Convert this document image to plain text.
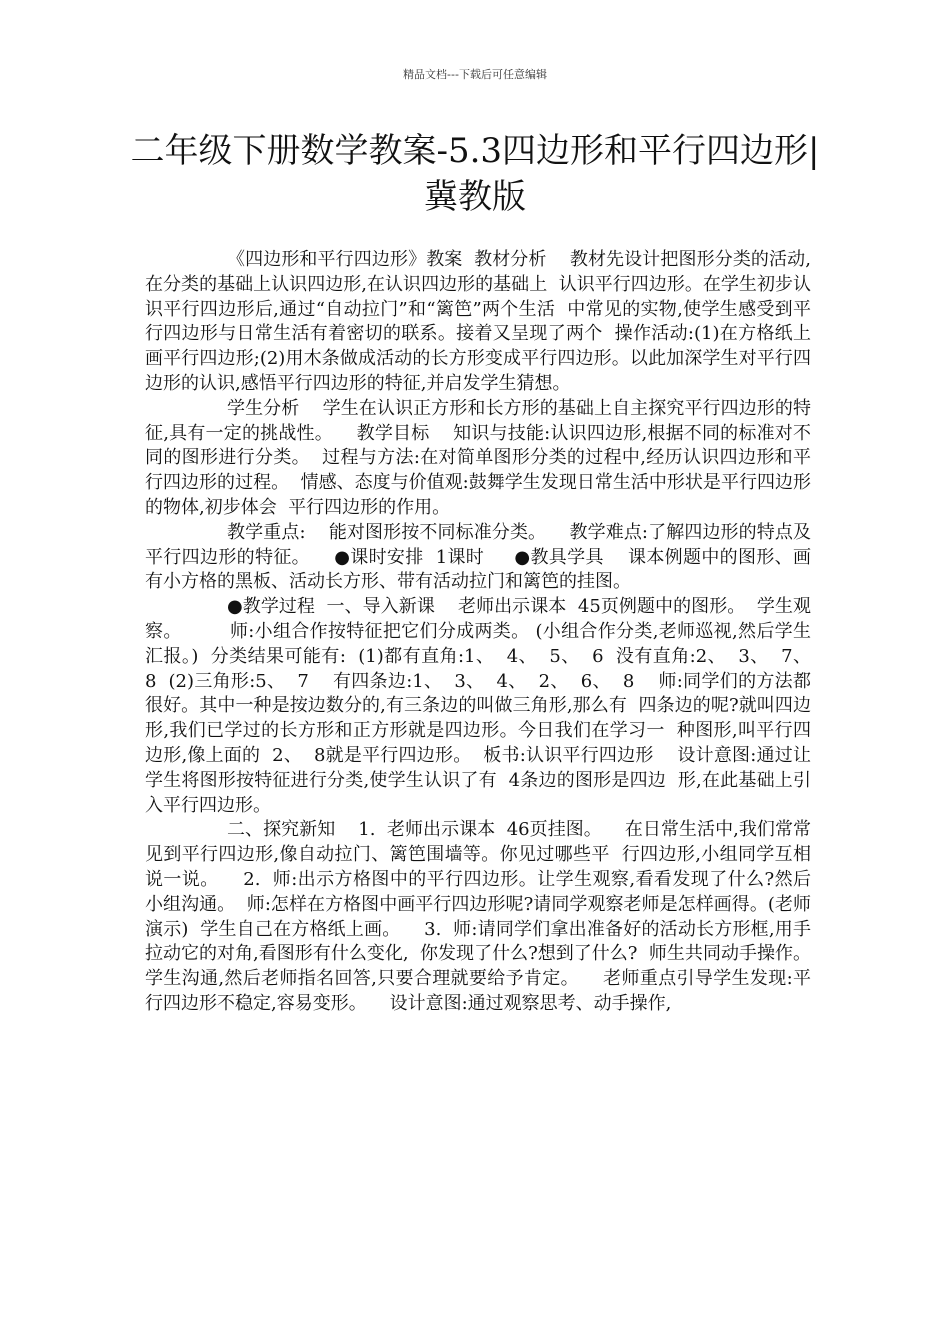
精品文档---下载后可任意编辑
二年级下册数学教案-5.3四边形和平行四边形|冀教版

《四边形和平行四边形》教案  教材分析    教材先设计把图形分类的活动,在分类的基础上认识四边形,在认识四边形的基础上  认识平行四边形。在学生初步认识平行四边形后,通过“自动拉门”和“篱笆”两个生活  中常见的实物,使学生感受到平行四边形与日常生活有着密切的联系。接着又呈现了两个  操作活动:(1)在方格纸上画平行四边形;(2)用木条做成活动的长方形变成平行四边形。以此加深学生对平行四边形的认识,感悟平行四边形的特征,并启发学生猜想。

学生分析    学生在认识正方形和长方形的基础上自主探究平行四边形的特征,具有一定的挑战性。    教学目标    知识与技能:认识四边形,根据不同的标准对不同的图形进行分类。  过程与方法:在对简单图形分类的过程中,经历认识四边形和平行四边形的过程。  情感、态度与价值观:鼓舞学生发现日常生活中形状是平行四边形的物体,初步体会  平行四边形的作用。

教学重点:    能对图形按不同标准分类。    教学难点:了解四边形的特点及平行四边形的特征。    ●课时安排  1课时     ●教具学具    课本例题中的图形、画有小方格的黑板、活动长方形、带有活动拉门和篱笆的挂图。

●教学过程  一、导入新课    老师出示课本  45页例题中的图形。  学生观察。        师:小组合作按特征把它们分成两类。 (小组合作分类,老师巡视,然后学生汇报。)  分类结果可能有:  (1)都有直角:1、  4、  5、  6  没有直角:2、  3、  7、  8  (2)三角形:5、  7    有四条边:1、  3、  4、  2、  6、  8    师:同学们的方法都很好。其中一种是按边数分的,有三条边的叫做三角形,那么有  四条边的呢?就叫四边形,我们已学过的长方形和正方形就是四边形。今日我们在学习一  种图形,叫平行四边形,像上面的  2、  8就是平行四边形。  板书:认识平行四边形    设计意图:通过让学生将图形按特征进行分类,使学生认识了有  4条边的图形是四边  形,在此基础上引入平行四边形。

二、探究新知    1.  老师出示课本  46页挂图。    在日常生活中,我们常常见到平行四边形,像自动拉门、篱笆围墙等。你见过哪些平  行四边形,小组同学互相说一说。    2.  师:出示方格图中的平行四边形。让学生观察,看看发现了什么?然后小组沟通。  师:怎样在方格图中画平行四边形呢?请同学观察老师是怎样画得。(老师演示)  学生自己在方格纸上画。    3.  师:请同学们拿出准备好的活动长方形框,用手拉动它的对角,看图形有什么变化,  你发现了什么?想到了什么?  师生共同动手操作。    学生沟通,然后老师指名回答,只要合理就要给予肯定。    老师重点引导学生发现:平行四边形不稳定,容易变形。    设计意图:通过观察思考、动手操作,
